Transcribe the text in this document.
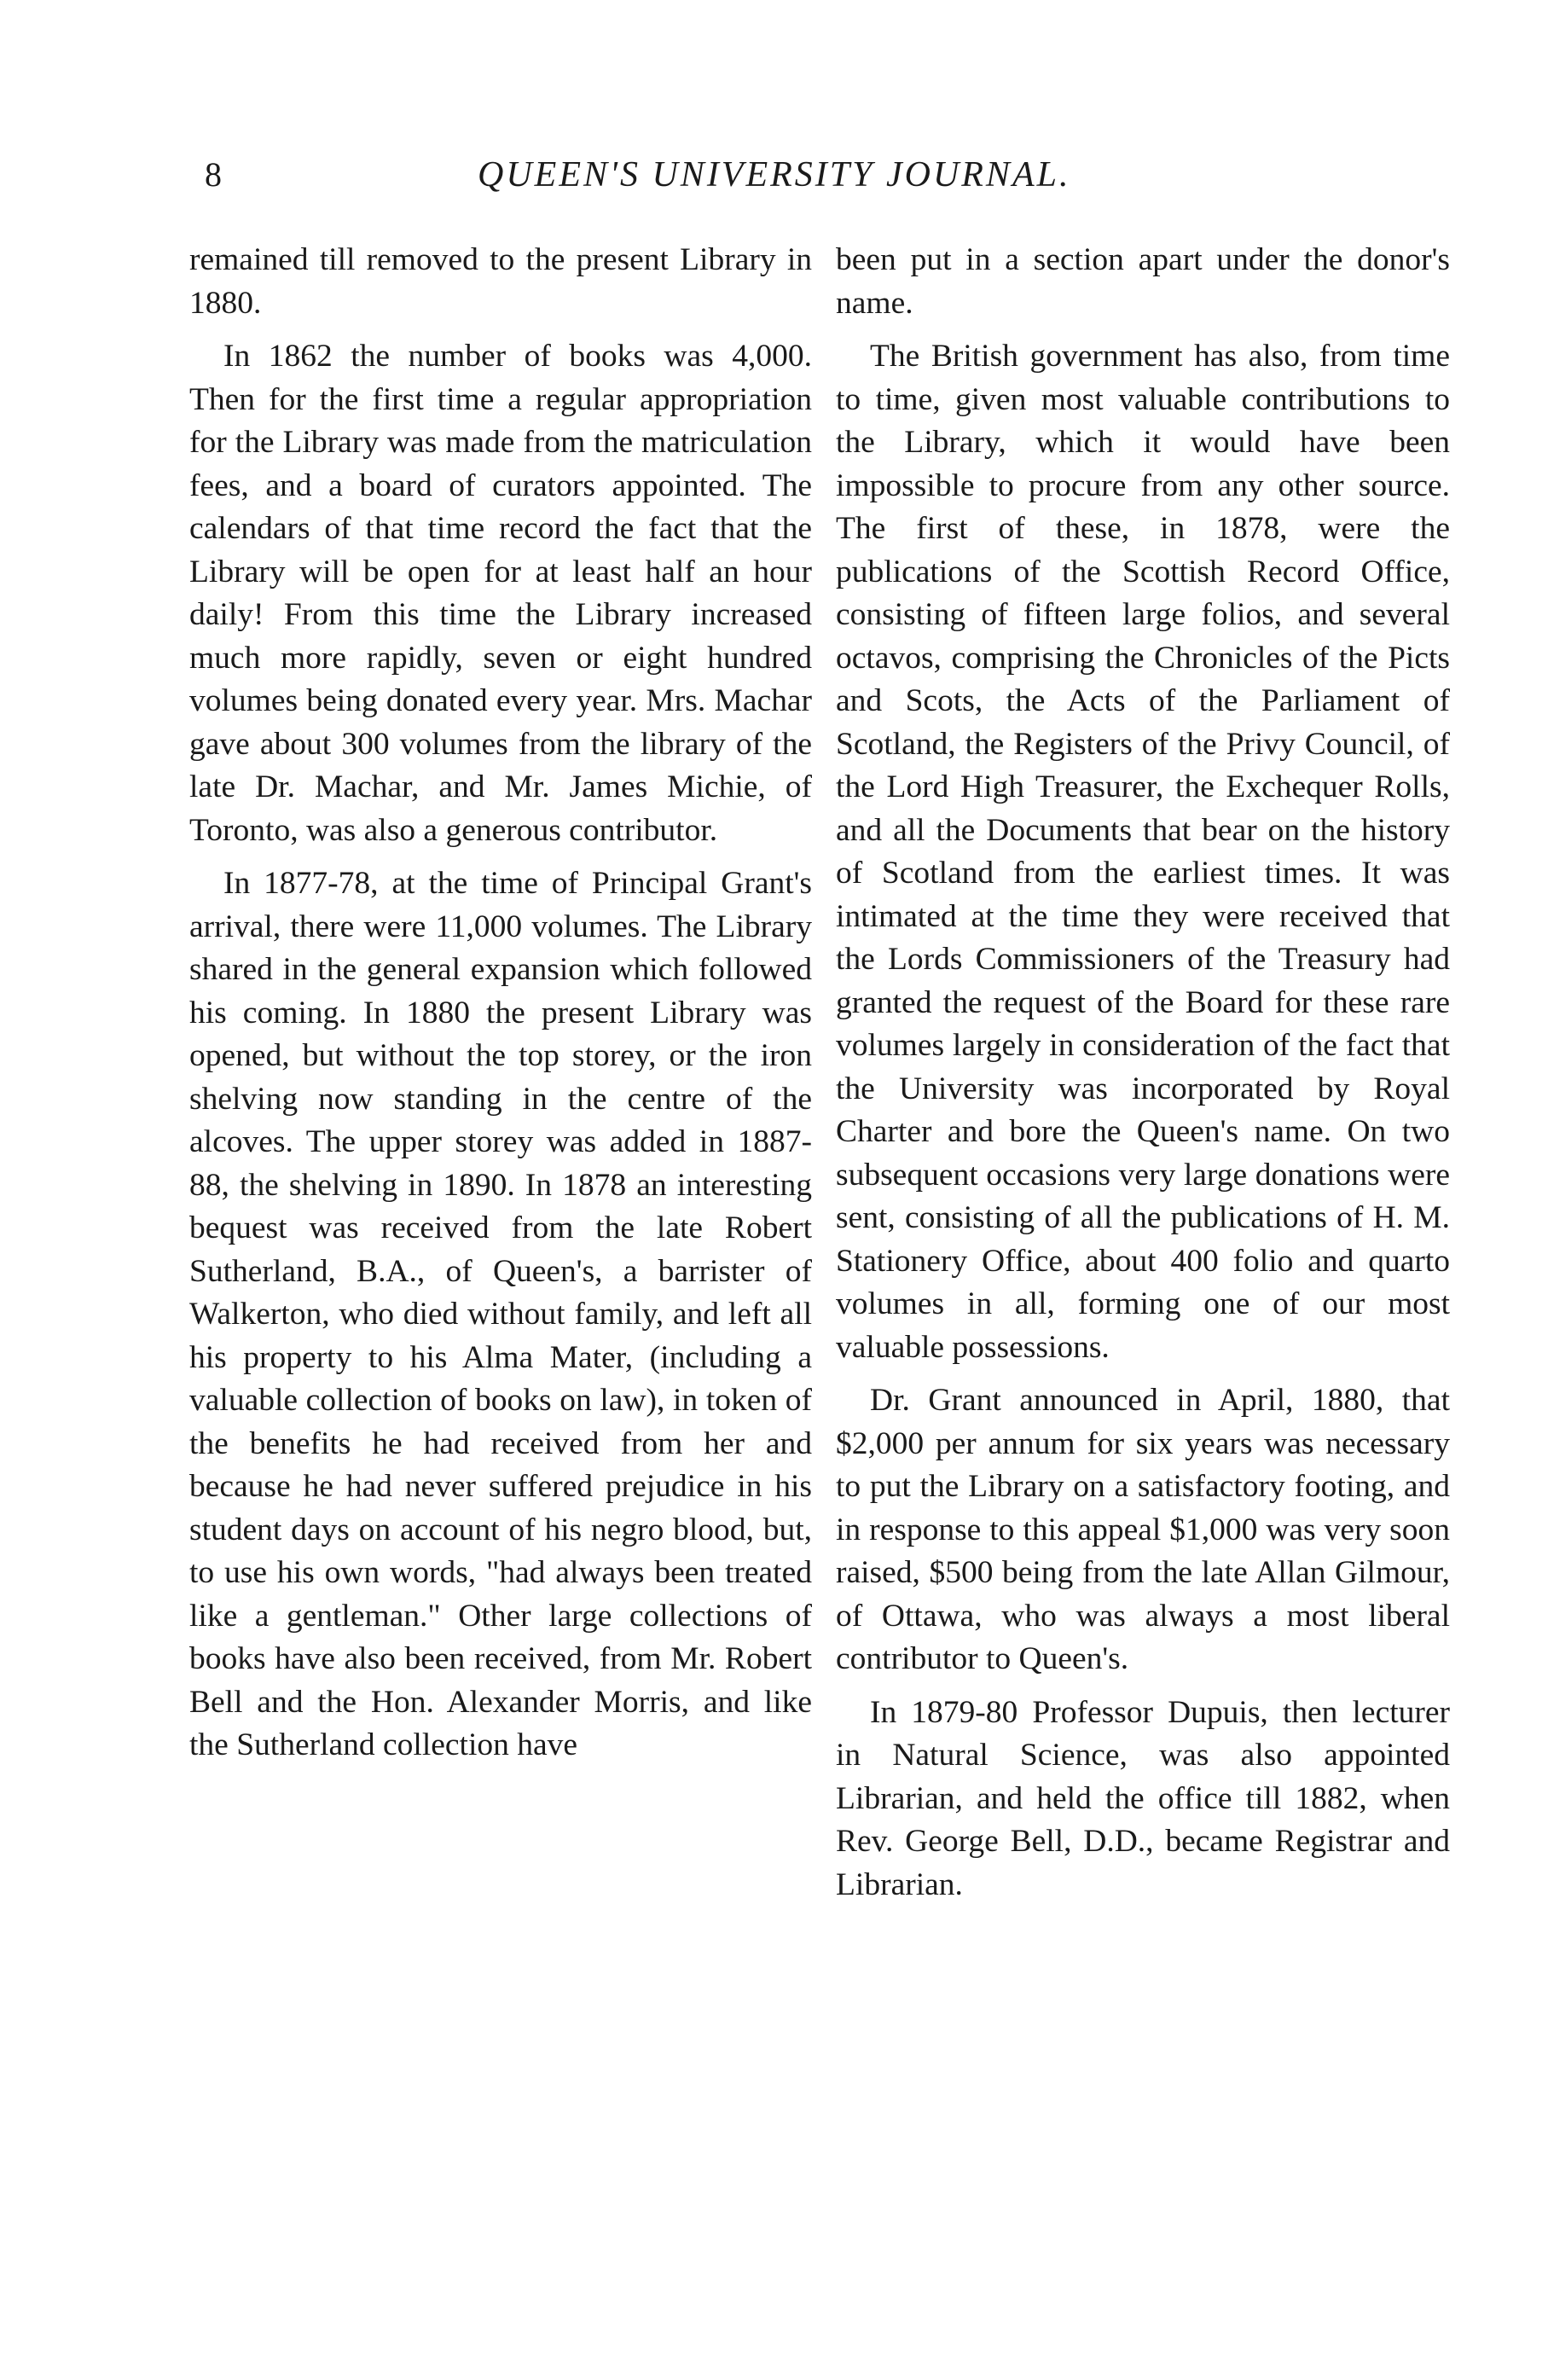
8	QUEEN'S UNIVERSITY JOURNAL.

remained till removed to the present Library in 1880.

In 1862 the number of books was 4,000. Then for the first time a regular appropriation for the Library was made from the matriculation fees, and a board of curators appointed. The calendars of that time record the fact that the Library will be open for at least half an hour daily! From this time the Library increased much more rapidly, seven or eight hundred volumes being donated every year. Mrs. Machar gave about 300 volumes from the library of the late Dr. Machar, and Mr. James Michie, of Toronto, was also a generous contributor.

In 1877-78, at the time of Principal Grant's arrival, there were 11,000 volumes. The Library shared in the general expansion which followed his coming. In 1880 the present Library was opened, but without the top storey, or the iron shelving now standing in the centre of the alcoves. The upper storey was added in 1887-88, the shelving in 1890. In 1878 an interesting bequest was received from the late Robert Sutherland, B.A., of Queen's, a barrister of Walkerton, who died without family, and left all his property to his Alma Mater, (including a valuable collection of books on law), in token of the benefits he had received from her and because he had never suffered prejudice in his student days on account of his negro blood, but, to use his own words, "had always been treated like a gentleman." Other large collections of books have also been received, from Mr. Robert Bell and the Hon. Alexander Morris, and like the Sutherland collection have

been put in a section apart under the donor's name.

The British government has also, from time to time, given most valuable contributions to the Library, which it would have been impossible to procure from any other source. The first of these, in 1878, were the publications of the Scottish Record Office, consisting of fifteen large folios, and several octavos, comprising the Chronicles of the Picts and Scots, the Acts of the Parliament of Scotland, the Registers of the Privy Council, of the Lord High Treasurer, the Exchequer Rolls, and all the Documents that bear on the history of Scotland from the earliest times. It was intimated at the time they were received that the Lords Commissioners of the Treasury had granted the request of the Board for these rare volumes largely in consideration of the fact that the University was incorporated by Royal Charter and bore the Queen's name. On two subsequent occasions very large donations were sent, consisting of all the publications of H. M. Stationery Office, about 400 folio and quarto volumes in all, forming one of our most valuable possessions.

Dr. Grant announced in April, 1880, that $2,000 per annum for six years was necessary to put the Library on a satisfactory footing, and in response to this appeal $1,000 was very soon raised, $500 being from the late Allan Gilmour, of Ottawa, who was always a most liberal contributor to Queen's.

In 1879-80 Professor Dupuis, then lecturer in Natural Science, was also appointed Librarian, and held the office till 1882, when Rev. George Bell, D.D., became Registrar and Librarian.
